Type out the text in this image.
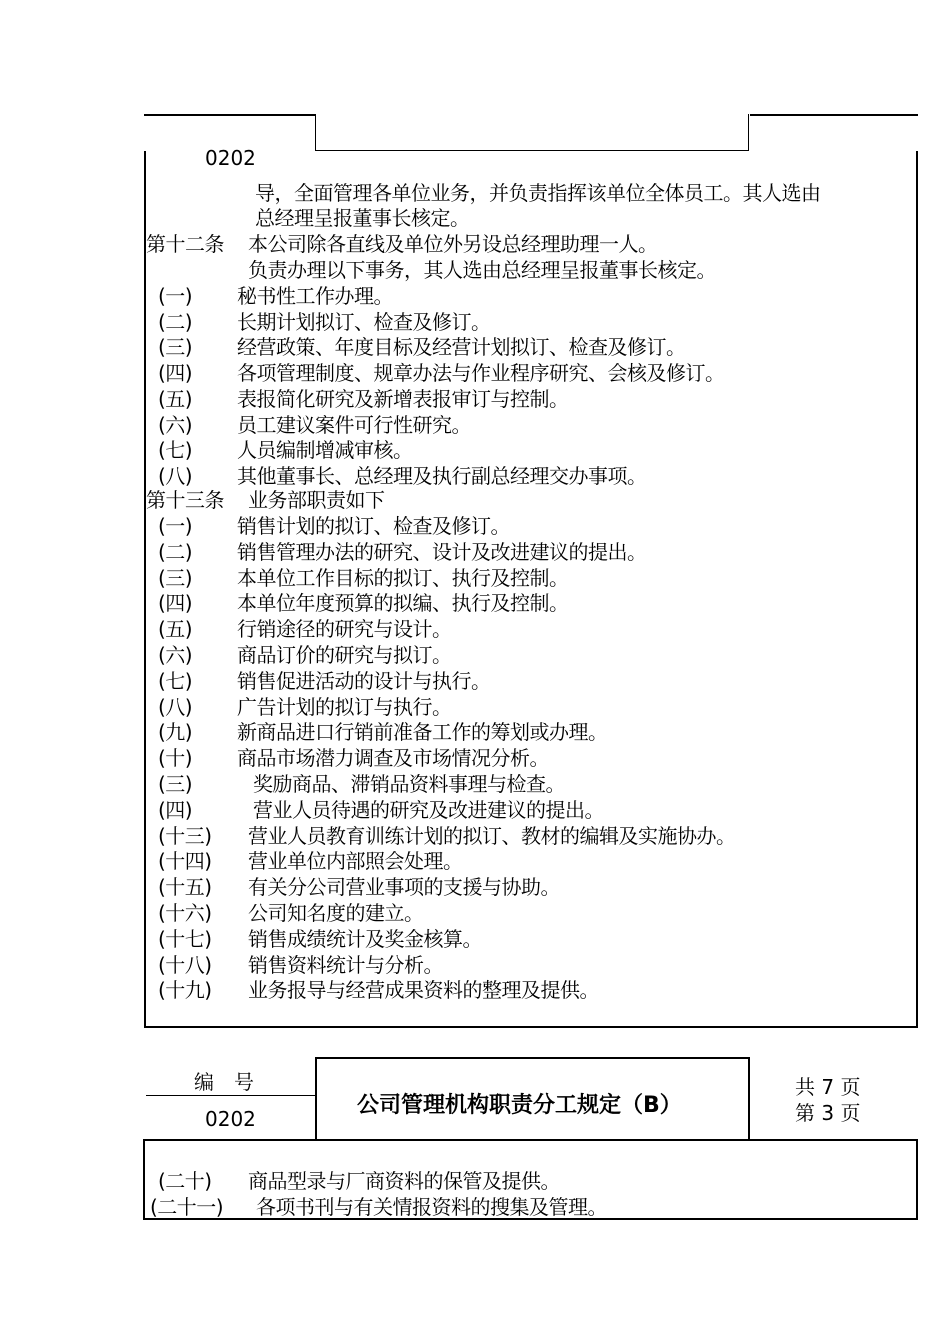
0202
导，全面管理各单位业务，并负责指挥该单位全体员工。其人选由
总经理呈报董事长核定。
第十二条 本公司除各直线及单位外另设总经理助理一人。
负责办理以下事务，其人选由总经理呈报董事长核定。
(一) 秘书性工作办理。
(二) 长期计划拟订、检查及修订。
(三) 经营政策、年度目标及经营计划拟订、检查及修订。
(四) 各项管理制度、规章办法与作业程序研究、会核及修订。
(五) 表报简化研究及新增表报审订与控制。
(六) 员工建议案件可行性研究。
(七) 人员编制增减审核。
(八) 其他董事长、总经理及执行副总经理交办事项。
第十三条 业务部职责如下
(一) 销售计划的拟订、检查及修订。
(二) 销售管理办法的研究、设计及改进建议的提出。
(三) 本单位工作目标的拟订、执行及控制。
(四) 本单位年度预算的拟编、执行及控制。
(五) 行销途径的研究与设计。
(六) 商品订价的研究与拟订。
(七) 销售促进活动的设计与执行。
(八) 广告计划的拟订与执行。
(九) 新商品进口行销前准备工作的筹划或办理。
(十) 商品市场潜力调查及市场情况分析。
(三)	奖励商品、滞销品资料事理与检查。
(四)	营业人员待遇的研究及改进建议的提出。
(十三) 营业人员教育训练计划的拟订、教材的编辑及实施协办。
(十四) 营业单位内部照会处理。
(十五) 有关分公司营业事项的支援与协助。
(十六) 公司知名度的建立。
(十七) 销售成绩统计及奖金核算。
(十八) 销售资料统计与分析。
(十九) 业务报导与经营成果资料的整理及提供。
编　号
0202
公司管理机构职责分工规定（B）
共 7 页
第 3 页
(二十) 商品型录与厂商资料的保管及提供。
(二十一) 各项书刊与有关情报资料的搜集及管理。
